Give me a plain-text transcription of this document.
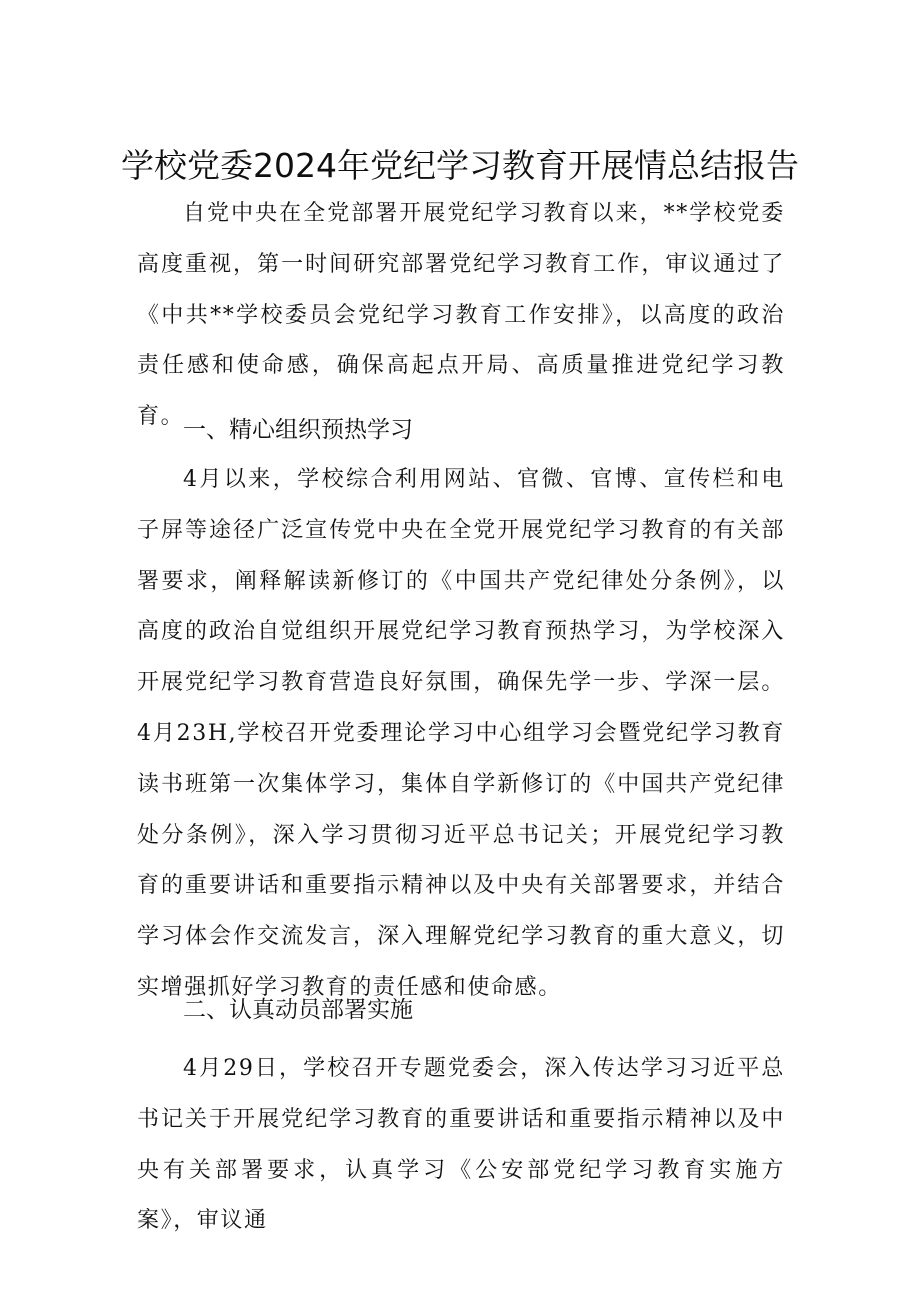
学校党委2024年党纪学习教育开展情总结报告
自党中央在全党部署开展党纪学习教育以来，**学校党委高度重视，第一时间研究部署党纪学习教育工作，审议通过了《中共**学校委员会党纪学习教育工作安排》，以高度的政治责任感和使命感，确保高起点开局、高质量推进党纪学习教育。
一、精心组织预热学习
4月以来，学校综合利用网站、官微、官博、宣传栏和电子屏等途径广泛宣传党中央在全党开展党纪学习教育的有关部署要求，阐释解读新修订的《中国共产党纪律处分条例》，以高度的政治自觉组织开展党纪学习教育预热学习，为学校深入开展党纪学习教育营造良好氛围，确保先学一步、学深一层。4月23H,学校召开党委理论学习中心组学习会暨党纪学习教育读书班第一次集体学习，集体自学新修订的《中国共产党纪律处分条例》，深入学习贯彻习近平总书记关；开展党纪学习教育的重要讲话和重要指示精神以及中央有关部署要求，并结合学习体会作交流发言，深入理解党纪学习教育的重大意义，切实增强抓好学习教育的责任感和使命感。
二、认真动员部署实施
4月29日，学校召开专题党委会，深入传达学习习近平总书记关于开展党纪学习教育的重要讲话和重要指示精神以及中央有关部署要求，认真学习《公安部党纪学习教育实施方案》，审议通
